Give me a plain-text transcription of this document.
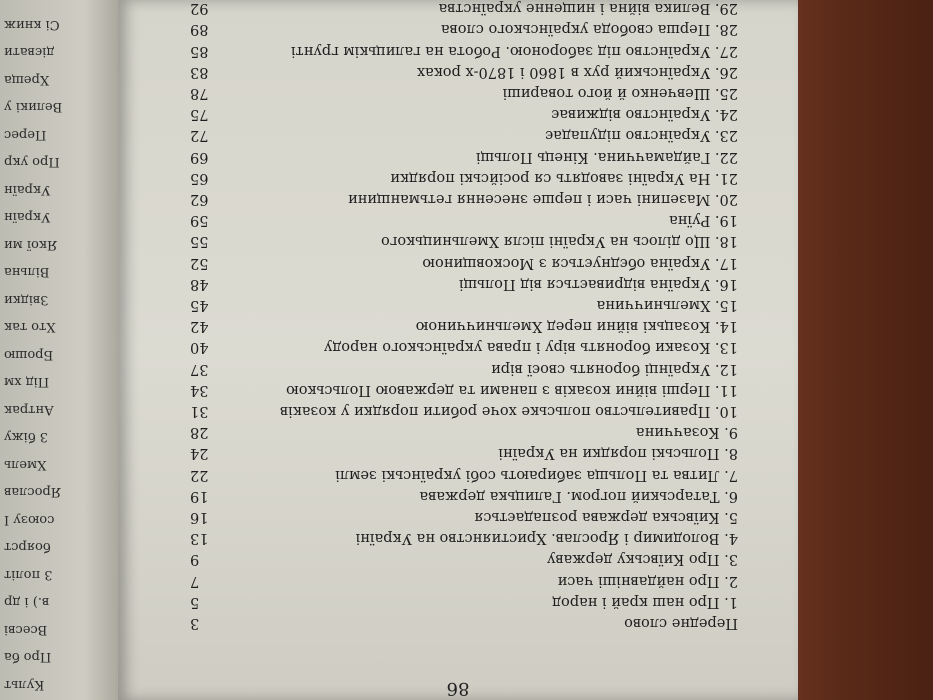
Культ
Про ба
Всесві
в.) і др
3 політ
боярст
союзу І
Ярослав
Хмель
3 біжу
Антрак
Під хм
Брошю
Хто так
Звідки
Вільна
Якої ми
Україн
Україн
Про укр
Перес
Великі у
Хреща
дієвати
Сі книж
86
Передне слово
3
1. Про наш край і народ
5
2. Про найдавніші часи
7
3. Про Київську державу
9
4. Володимир і Ярослав. Християнство на Україні
13
5. Київська держава розпадається
16
6. Татарський погром. Галицька держава
19
7. Литва та Польща забирають собі українські землі
22
8. Польські порядки на Україні
24
9. Козаччина
28
10. Правительство польське хоче робити порядки у козаків
31
11. Перші війни козаків з панами та державою Польською
34
12. Українці боронять своєї віри
37
13. Козаки боронять віру і права українського народу
40
14. Козацькі війни перед Хмельниччиною
42
15. Хмельниччина
45
16. Україна відривається від Польщі
48
17. Україна обєднується з Московщиною
52
18. Що ділось на Україні після Хмельницького
55
19. Руїна
59
20. Мазепині часи і перше знесення гетьманщини
62
21. На Україні заводять ся російські порядки
65
22. Гайдамаччина. Кінець Польщі
69
23. Українство підупадає
72
24. Українство відживає
75
25. Шевченко й його товариші
78
26. Український рух в 1860 і 1870-х роках
83
27. Українство під забороною. Робота на галицькім грунті
85
28. Перша свобода українського слова
89
29. Велика війна і нищенне українства
92
